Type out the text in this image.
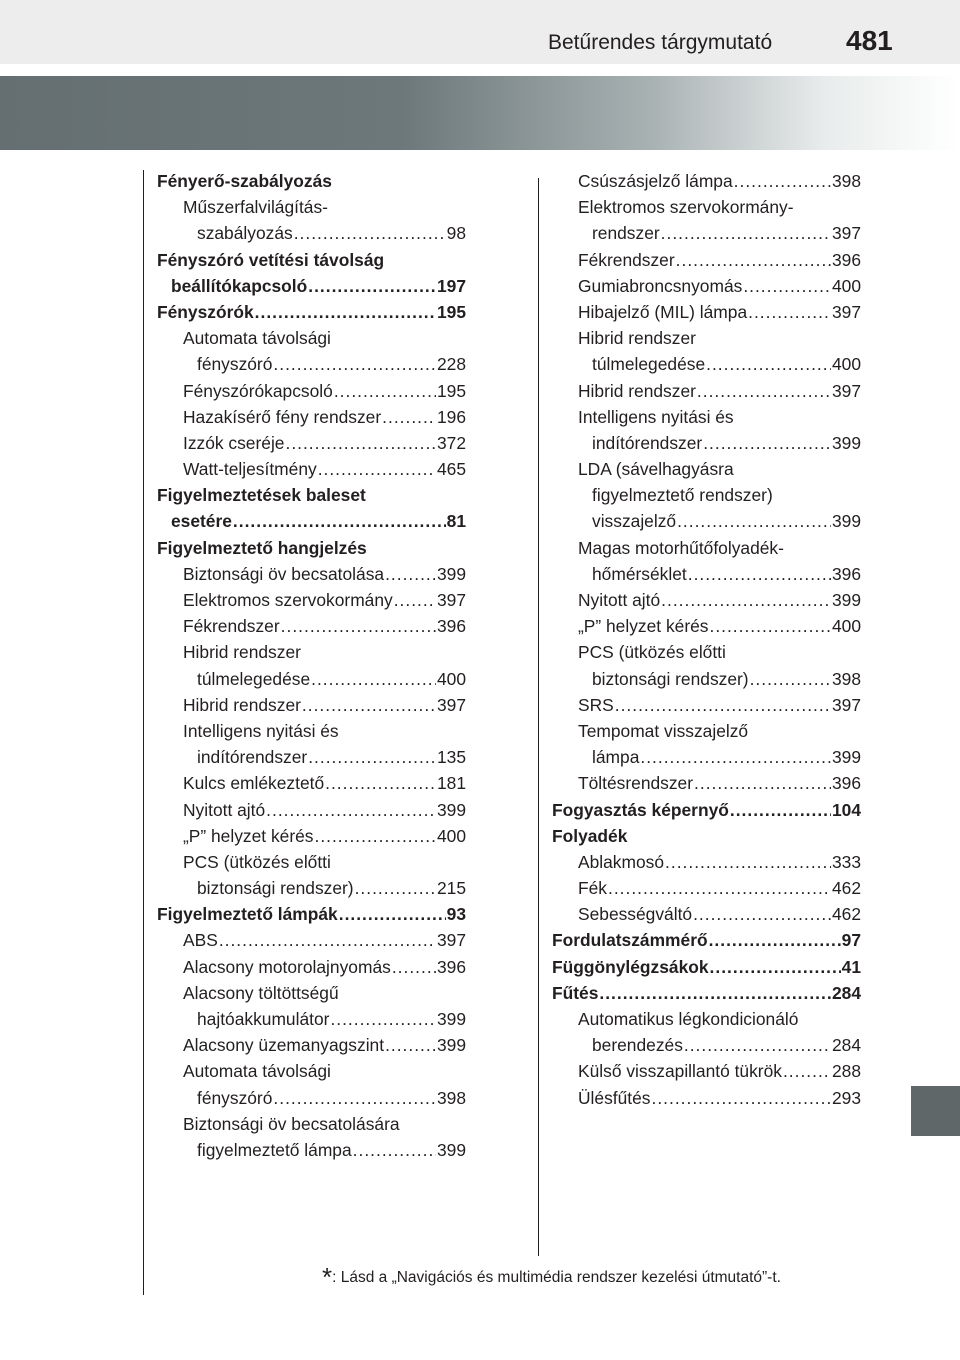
Betűrendes tárgymutató	481
Fényerő-szabályozás
Műszerfalvilágítás-
szabályozás .....	98
Fényszóró vetítési távolság
beállítókapcsoló .....	197
Fényszórók .....	195
Automata távolsági
fényszóró .....	228
Fényszórókapcsoló .....	195
Hazakísérő fény rendszer .....	196
Izzók cseréje .....	372
Watt-teljesítmény .....	465
Figyelmeztetések baleset
esetére .....	81
Figyelmeztető hangjelzés
Biztonsági öv becsatolása .....	399
Elektromos szervokormány .....	397
Fékrendszer .....	396
Hibrid rendszer
túlmelegedése .....	400
Hibrid rendszer .....	397
Intelligens nyitási és
indítórendszer .....	135
Kulcs emlékeztető .....	181
Nyitott ajtó .....	399
„P” helyzet kérés .....	400
PCS (ütközés előtti
biztonsági rendszer) .....	215
Figyelmeztető lámpák .....	93
ABS .....	397
Alacsony motorolajnyomás .....	396
Alacsony töltöttségű
hajtóakkumulátor .....	399
Alacsony üzemanyagszint .....	399
Automata távolsági
fényszóró .....	398
Biztonsági öv becsatolására
figyelmeztető lámpa .....	399
Csúszásjelző lámpa .....	398
Elektromos szervokormány-
rendszer .....	397
Fékrendszer .....	396
Gumiabroncsnyomás .....	400
Hibajelző (MIL) lámpa .....	397
Hibrid rendszer
túlmelegedése .....	400
Hibrid rendszer .....	397
Intelligens nyitási és
indítórendszer .....	399
LDA (sávelhagyásra
figyelmeztető rendszer)
visszajelző .....	399
Magas motorhűtőfolyadék-
hőmérséklet .....	396
Nyitott ajtó .....	399
„P” helyzet kérés .....	400
PCS (ütközés előtti
biztonsági rendszer) .....	398
SRS .....	397
Tempomat visszajelző
lámpa .....	399
Töltésrendszer .....	396
Fogyasztás képernyő .....	104
Folyadék
Ablakmosó .....	333
Fék .....	462
Sebességváltó .....	462
Fordulatszámmérő .....	97
Függönylégzsákok .....	41
Fűtés .....	284
Automatikus légkondicionáló
berendezés .....	284
Külső visszapillantó tükrök .....	288
Ülésfűtés .....	293
*: Lásd a „Navigációs és multimédia rendszer kezelési útmutató”-t.
